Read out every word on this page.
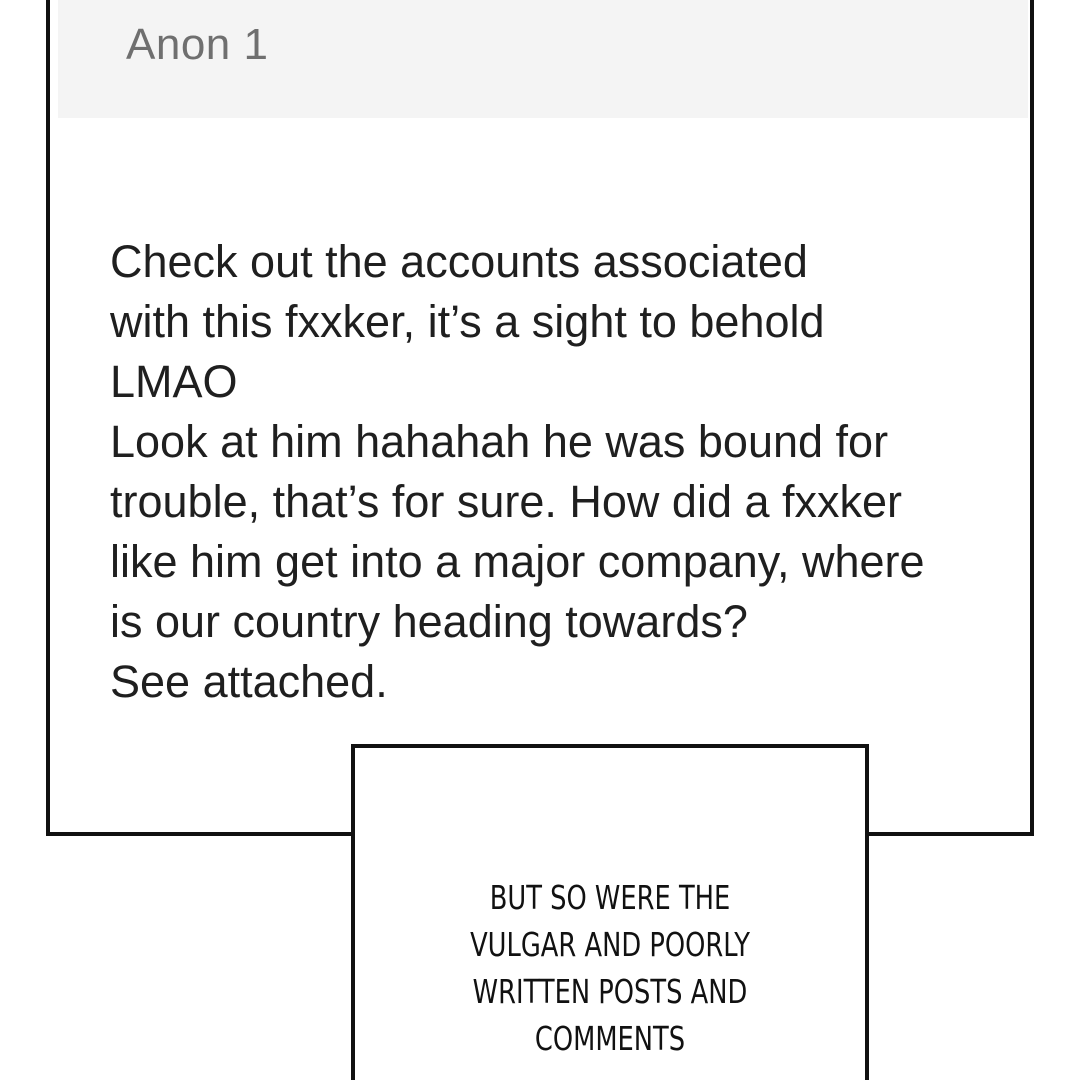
Anon 1
Check out the accounts associated
with this fxxker, it’s a sight to behold
LMAO
Look at him hahahah he was bound for
trouble, that’s for sure. How did a fxxker
like him get into a major company, where
is our country heading towards?
See attached.
BUT SO WERE THE
VULGAR AND POORLY
WRITTEN POSTS AND
COMMENTS
